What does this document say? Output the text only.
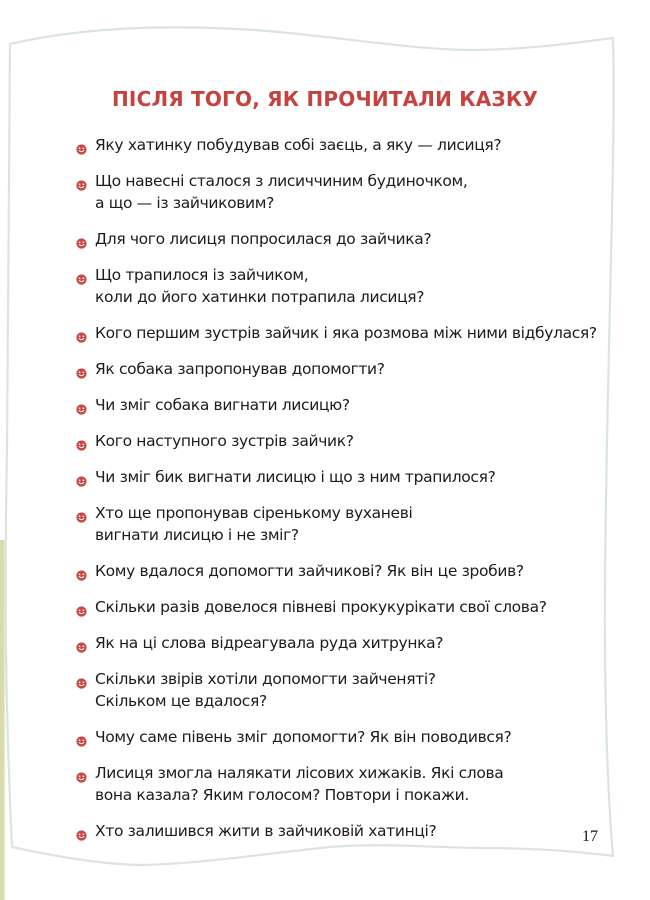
ПІСЛЯ ТОГО, ЯК ПРОЧИТАЛИ КАЗКУ
Яку хатинку побудував собі заєць, а яку — лисиця?
Що навесні сталося з лисиччиним будиночком,
а що — із зайчиковим?
Для чого лисиця попросилася до зайчика?
Що трапилося із зайчиком,
коли до його хатинки потрапила лисиця?
Кого першим зустрів зайчик і яка розмова між ними відбулася?
Як собака запропонував допомогти?
Чи зміг собака вигнати лисицю?
Кого наступного зустрів зайчик?
Чи зміг бик вигнати лисицю і що з ним трапилося?
Хто ще пропонував сіренькому вуханеві
вигнати лисицю і не зміг?
Кому вдалося допомогти зайчикові? Як він це зробив?
Скільки разів довелося півневі прокукурікати свої слова?
Як на ці слова відреагувала руда хитрунка?
Скільки звірів хотіли допомогти зайченяті?
Скільком це вдалося?
Чому саме півень зміг допомогти? Як він поводився?
Лисиця змогла налякати лісових хижаків. Які слова
вона казала? Яким голосом? Повтори і покажи.
Хто залишився жити в зайчиковій хатинці?	17
